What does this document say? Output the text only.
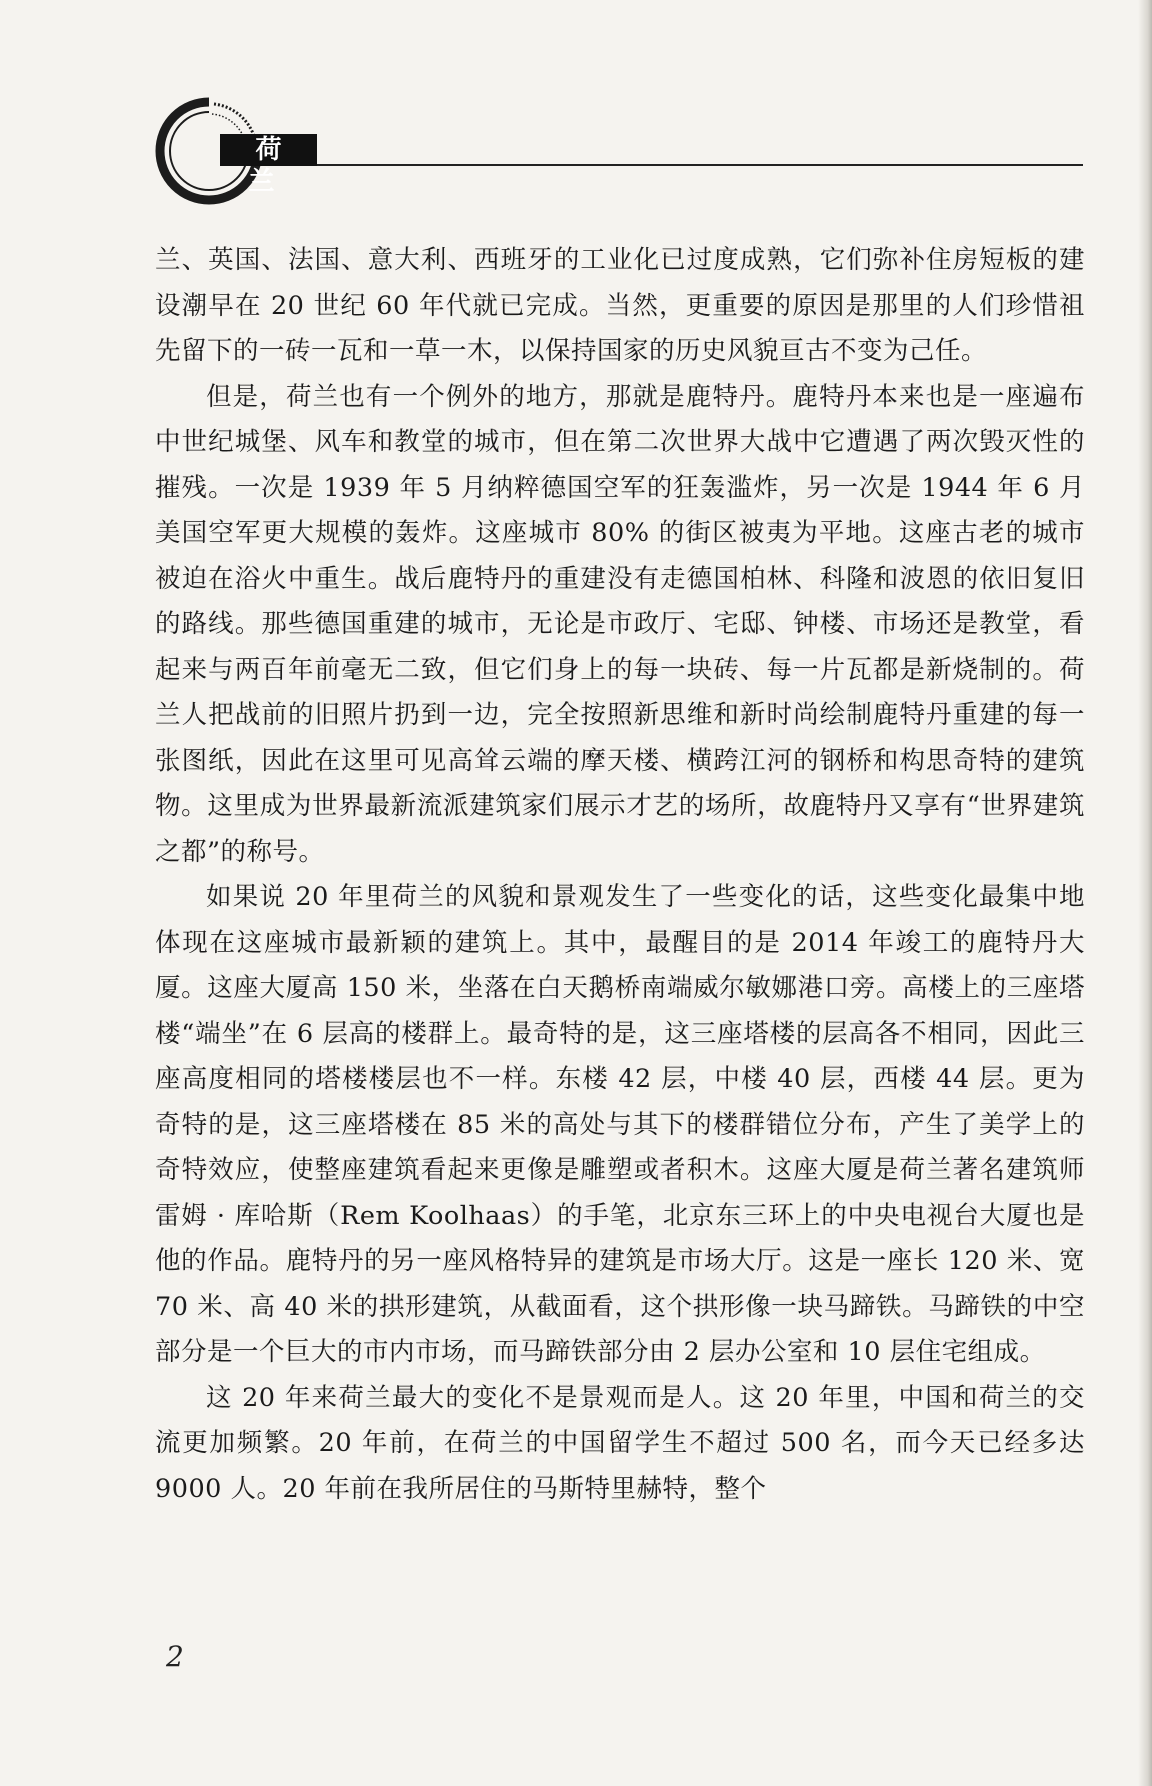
荷 兰

兰、英国、法国、意大利、西班牙的工业化已过度成熟，它们弥补住房短板的建设潮早在 20 世纪 60 年代就已完成。当然，更重要的原因是那里的人们珍惜祖先留下的一砖一瓦和一草一木，以保持国家的历史风貌亘古不变为己任。

但是，荷兰也有一个例外的地方，那就是鹿特丹。鹿特丹本来也是一座遍布中世纪城堡、风车和教堂的城市，但在第二次世界大战中它遭遇了两次毁灭性的摧残。一次是 1939 年 5 月纳粹德国空军的狂轰滥炸，另一次是 1944 年 6 月美国空军更大规模的轰炸。这座城市 80% 的街区被夷为平地。这座古老的城市被迫在浴火中重生。战后鹿特丹的重建没有走德国柏林、科隆和波恩的依旧复旧的路线。那些德国重建的城市，无论是市政厅、宅邸、钟楼、市场还是教堂，看起来与两百年前毫无二致，但它们身上的每一块砖、每一片瓦都是新烧制的。荷兰人把战前的旧照片扔到一边，完全按照新思维和新时尚绘制鹿特丹重建的每一张图纸，因此在这里可见高耸云端的摩天楼、横跨江河的钢桥和构思奇特的建筑物。这里成为世界最新流派建筑家们展示才艺的场所，故鹿特丹又享有“世界建筑之都”的称号。

如果说 20 年里荷兰的风貌和景观发生了一些变化的话，这些变化最集中地体现在这座城市最新颖的建筑上。其中，最醒目的是 2014 年竣工的鹿特丹大厦。这座大厦高 150 米，坐落在白天鹅桥南端威尔敏娜港口旁。高楼上的三座塔楼“端坐”在 6 层高的楼群上。最奇特的是，这三座塔楼的层高各不相同，因此三座高度相同的塔楼楼层也不一样。东楼 42 层，中楼 40 层，西楼 44 层。更为奇特的是，这三座塔楼在 85 米的高处与其下的楼群错位分布，产生了美学上的奇特效应，使整座建筑看起来更像是雕塑或者积木。这座大厦是荷兰著名建筑师雷姆 · 库哈斯（Rem Koolhaas）的手笔，北京东三环上的中央电视台大厦也是他的作品。鹿特丹的另一座风格特异的建筑是市场大厅。这是一座长 120 米、宽 70 米、高 40 米的拱形建筑，从截面看，这个拱形像一块马蹄铁。马蹄铁的中空部分是一个巨大的市内市场，而马蹄铁部分由 2 层办公室和 10 层住宅组成。

这 20 年来荷兰最大的变化不是景观而是人。这 20 年里，中国和荷兰的交流更加频繁。20 年前，在荷兰的中国留学生不超过 500 名，而今天已经多达 9000 人。20 年前在我所居住的马斯特里赫特，整个

2
